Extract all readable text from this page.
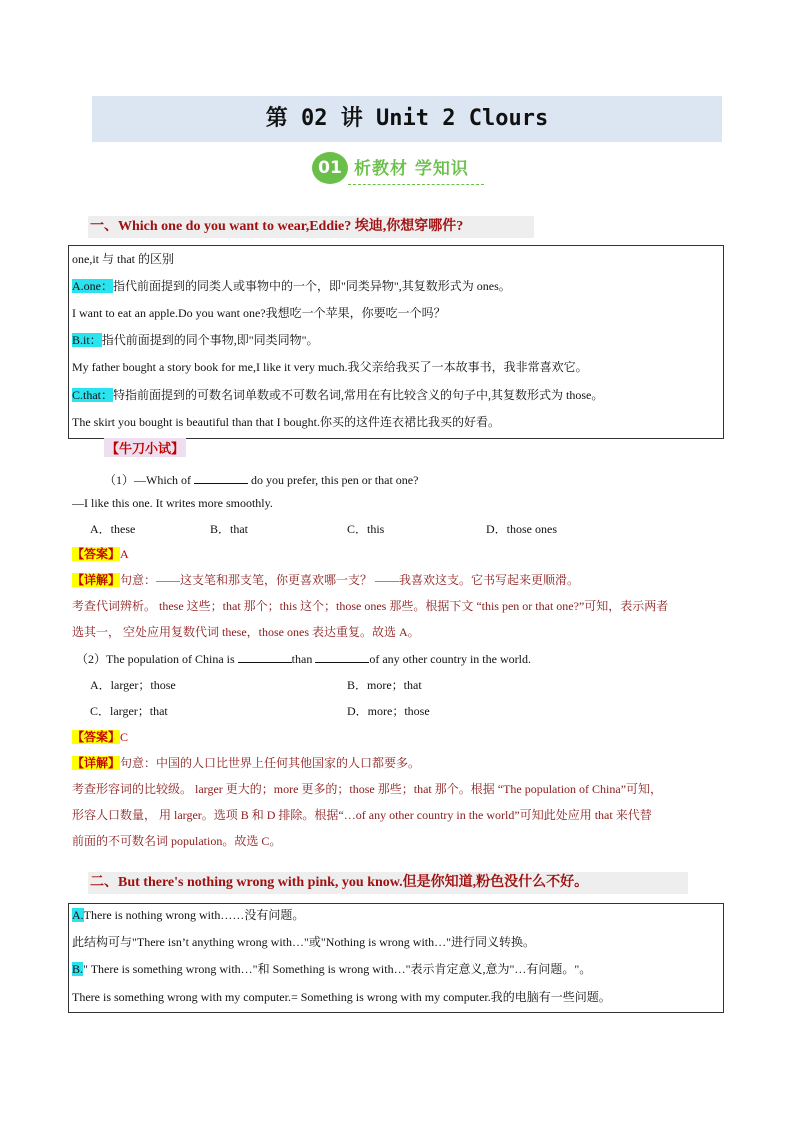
第 02 讲 Unit 2 Clours
01 析教材 学知识
一、Which one do you want to wear,Eddie? 埃迪,你想穿哪件?
one,it 与 that 的区别
A.one：指代前面提到的同类人或事物中的一个，即"同类异物",其复数形式为 ones。
I want to eat an apple.Do you want one?我想吃一个苹果，你要吃一个吗？
B.it：指代前面提到的同个事物,即"同类同物"。
My father bought a story book for me,I like it very much.我父亲给我买了一本故事书，我非常喜欢它。
C.that：特指前面提到的可数名词单数或不可数名词,常用在有比较含义的句子中,其复数形式为 those。
The skirt you bought is beautiful than that I bought.你买的这件连衣裙比我买的好看。
【牛刀小试】
（1）—Which of	do you prefer, this pen or that one?
—I like this one. It writes more smoothly.
A．these	B．that	C．this	D．those ones
【答案】A
【详解】句意：——这支笔和那支笔，你更喜欢哪一支？ ——我喜欢这支。它书写起来更顺滑。
考查代词辨析。 these 这些；that 那个；this 这个；those ones 那些。根据下文 “this pen or that one?”可知，表示两者
选其一， 空处应用复数代词 these，those ones 表达重复。故选 A。
（2）The population of China is	than	of any other country in the world.
A．larger；those	B．more；that
C．larger；that	D．more；those
【答案】C
【详解】句意：中国的人口比世界上任何其他国家的人口都要多。
考查形容词的比较级。 larger 更大的；more 更多的；those 那些；that 那个。根据 “The population of China”可知，
形容人口数量， 用 larger。选项 B 和 D 排除。根据“…of any other country in the world”可知此处应用 that 来代替
前面的不可数名词 population。故选 C。
二、But there's nothing wrong with pink, you know.但是你知道,粉色没什么不好。
A.There is nothing wrong with……没有问题。
此结构可与"There isn’t anything wrong with…"或"Nothing is wrong with…"进行同义转换。
B." There is something wrong with…"和 Something is wrong with…"表示肯定意义,意为"…有问题。"。
There is something wrong with my computer.= Something is wrong with my computer.我的电脑有一些问题。
